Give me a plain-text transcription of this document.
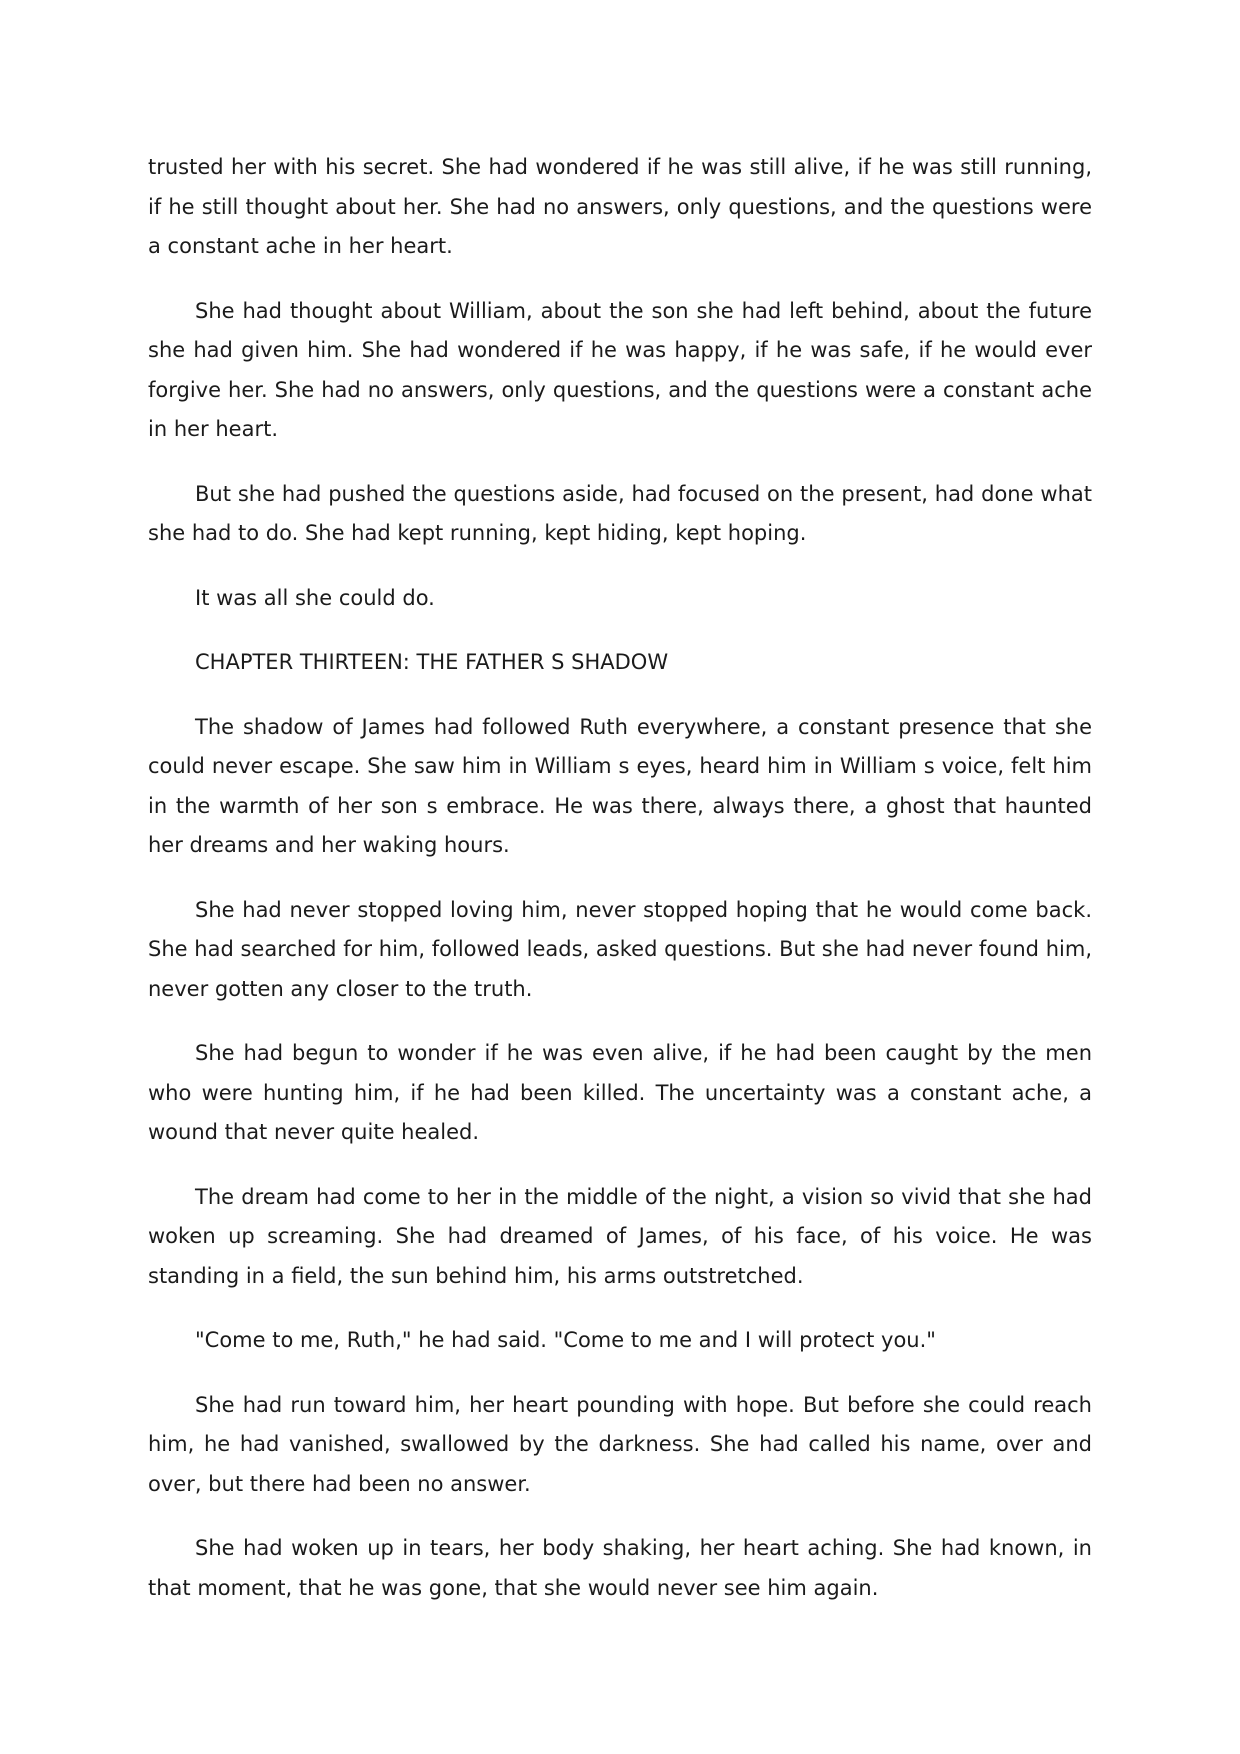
trusted her with his secret. She had wondered if he was still alive, if he was still running, if he still thought about her. She had no answers, only questions, and the questions were a constant ache in her heart.

She had thought about William, about the son she had left behind, about the future she had given him. She had wondered if he was happy, if he was safe, if he would ever forgive her. She had no answers, only questions, and the questions were a constant ache in her heart.

But she had pushed the questions aside, had focused on the present, had done what she had to do. She had kept running, kept hiding, kept hoping.

It was all she could do.

CHAPTER THIRTEEN: THE FATHER S SHADOW

The shadow of James had followed Ruth everywhere, a constant presence that she could never escape. She saw him in William s eyes, heard him in William s voice, felt him in the warmth of her son s embrace. He was there, always there, a ghost that haunted her dreams and her waking hours.

She had never stopped loving him, never stopped hoping that he would come back. She had searched for him, followed leads, asked questions. But she had never found him, never gotten any closer to the truth.

She had begun to wonder if he was even alive, if he had been caught by the men who were hunting him, if he had been killed. The uncertainty was a constant ache, a wound that never quite healed.

The dream had come to her in the middle of the night, a vision so vivid that she had woken up screaming. She had dreamed of James, of his face, of his voice. He was standing in a field, the sun behind him, his arms outstretched.

"Come to me, Ruth," he had said. "Come to me and I will protect you."

She had run toward him, her heart pounding with hope. But before she could reach him, he had vanished, swallowed by the darkness. She had called his name, over and over, but there had been no answer.

She had woken up in tears, her body shaking, her heart aching. She had known, in that moment, that he was gone, that she would never see him again.
